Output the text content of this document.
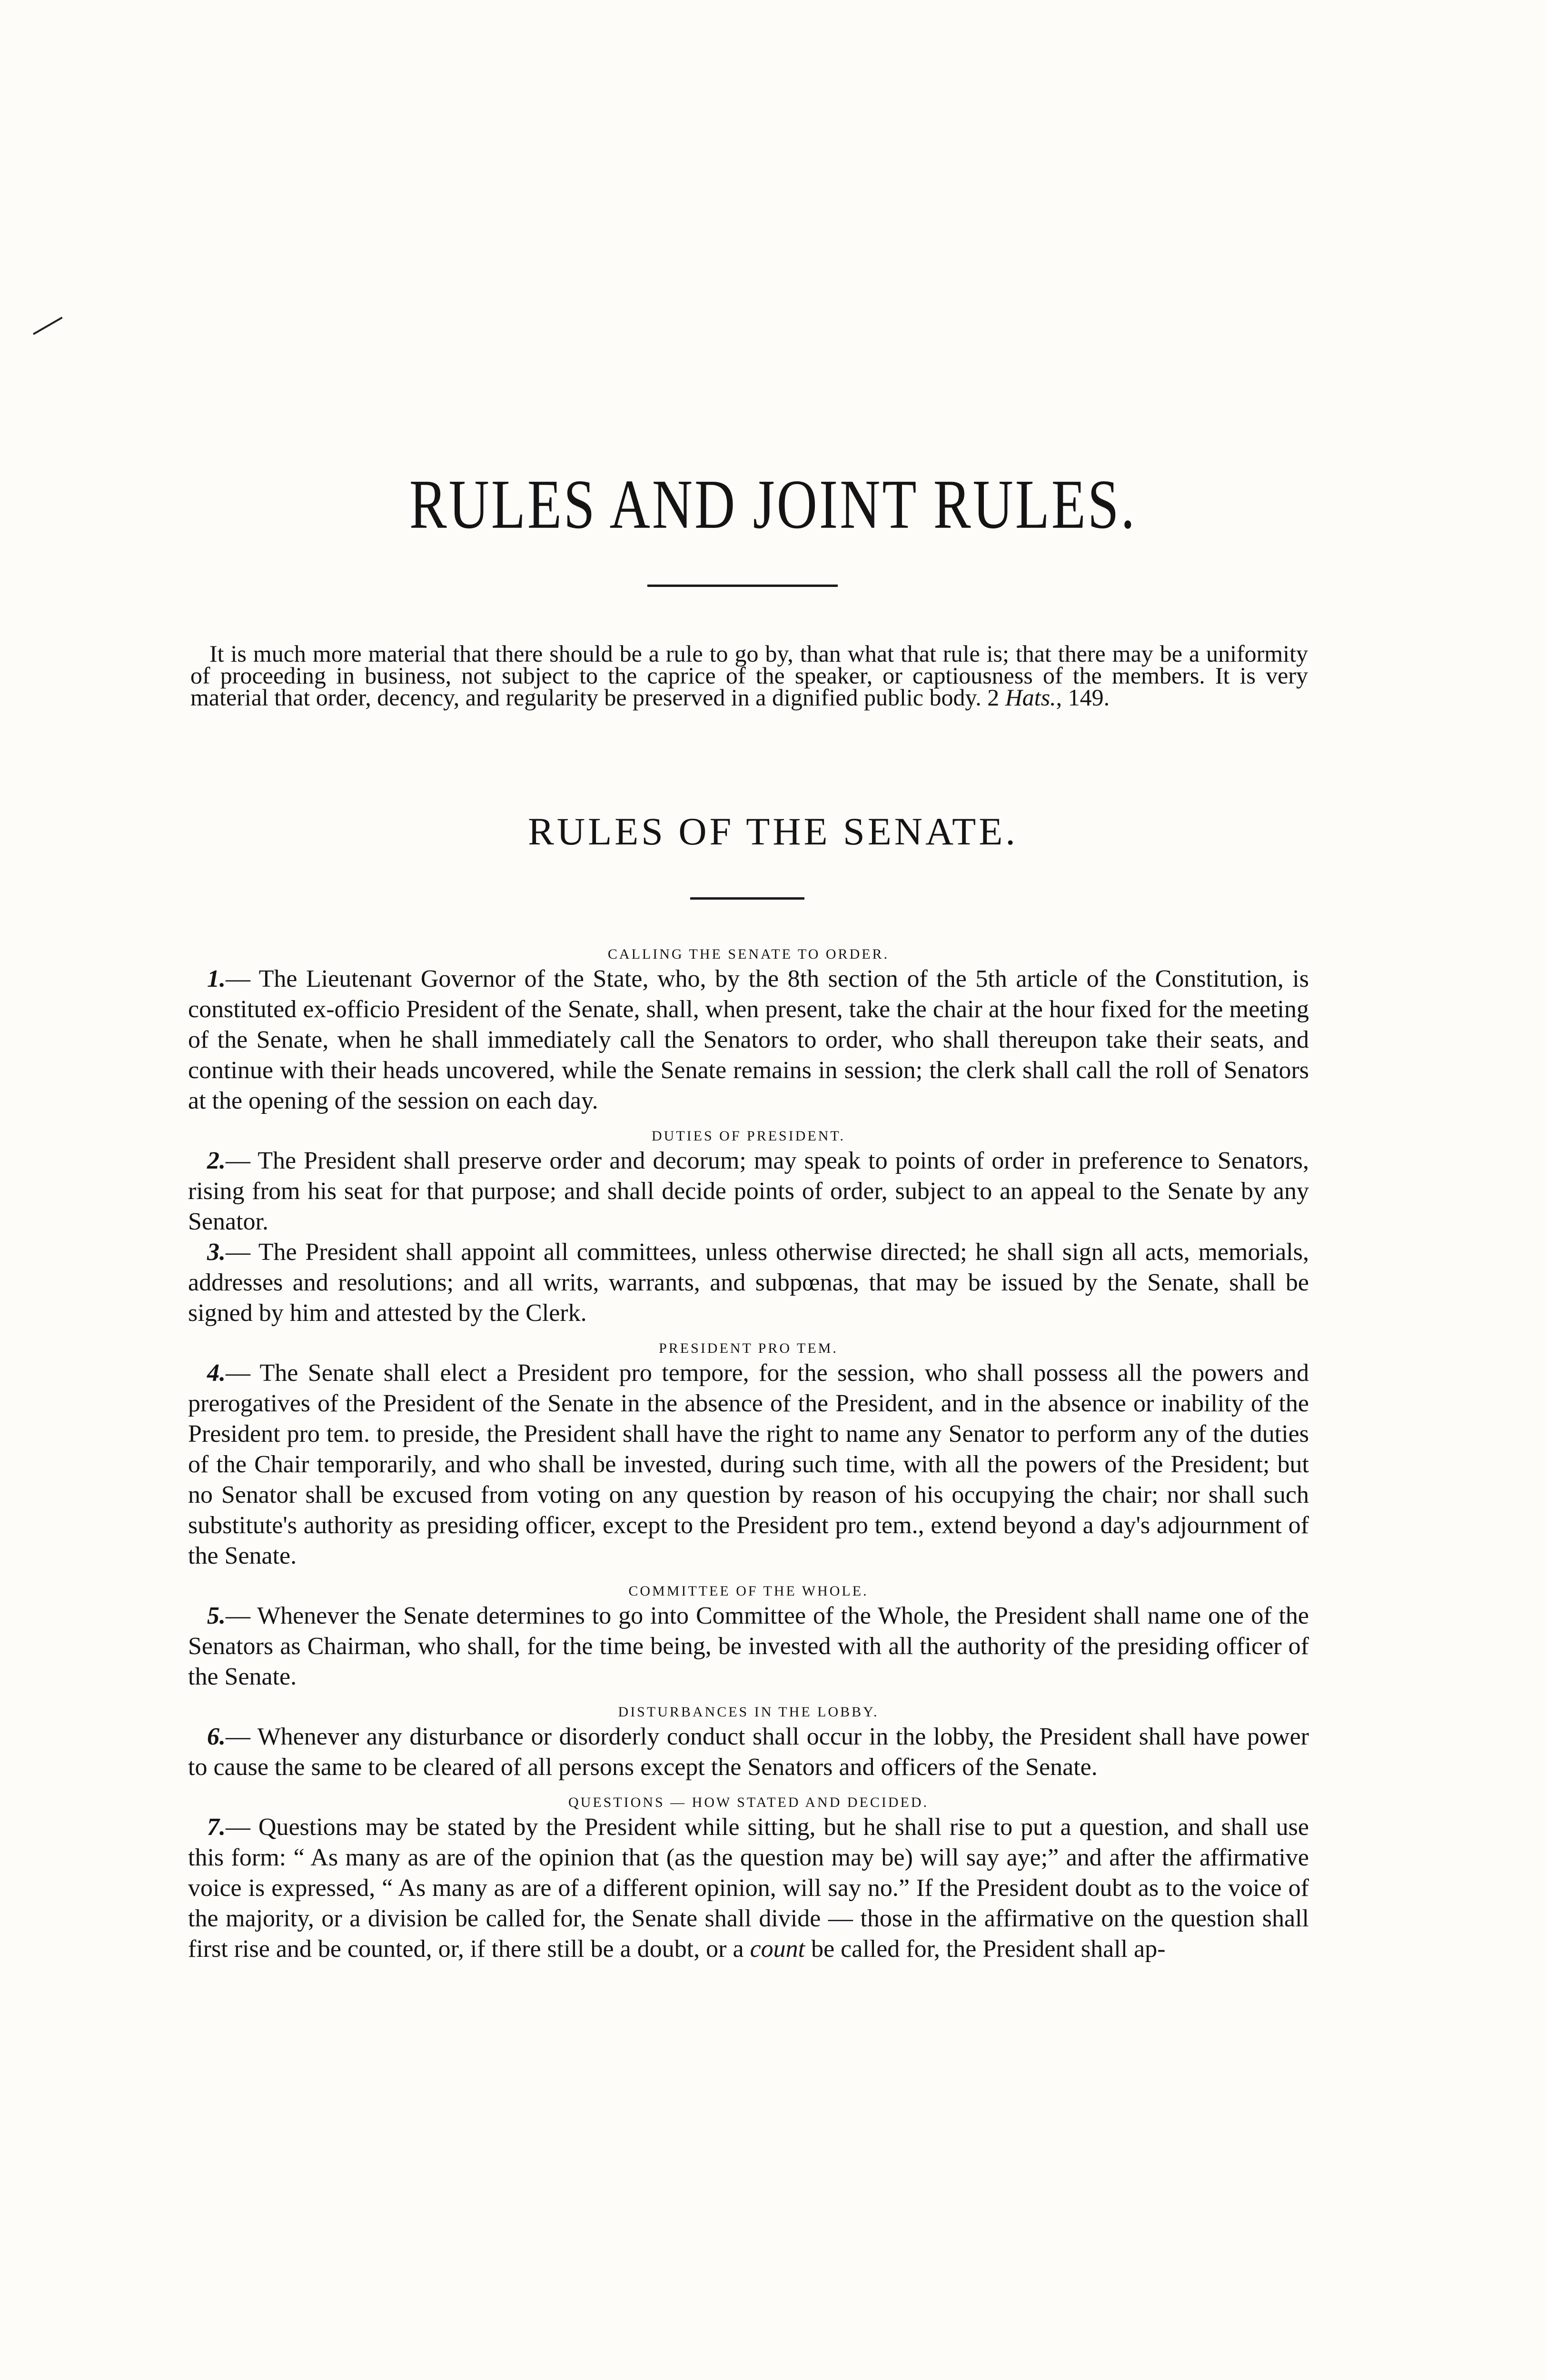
RULES AND JOINT RULES.

It is much more material that there should be a rule to go by, than what that rule is; that there may be a uniformity of proceeding in business, not subject to the caprice of the speaker, or captiousness of the members. It is very material that order, decency, and regularity be preserved in a dignified public body. 2 Hats., 149.

RULES OF THE SENATE.
CALLING THE SENATE TO ORDER.

1.— The Lieutenant Governor of the State, who, by the 8th section of the 5th article of the Constitution, is constituted ex-officio President of the Senate, shall, when present, take the chair at the hour fixed for the meeting of the Senate, when he shall immediately call the Senators to order, who shall thereupon take their seats, and continue with their heads uncovered, while the Senate remains in session; the clerk shall call the roll of Senators at the opening of the session on each day.

DUTIES OF PRESIDENT.

2.— The President shall preserve order and decorum; may speak to points of order in preference to Senators, rising from his seat for that purpose; and shall decide points of order, subject to an appeal to the Senate by any Senator.

3.— The President shall appoint all committees, unless otherwise directed; he shall sign all acts, memorials, addresses and resolutions; and all writs, warrants, and subpœnas, that may be issued by the Senate, shall be signed by him and attested by the Clerk.

PRESIDENT PRO TEM.

4.— The Senate shall elect a President pro tempore, for the session, who shall possess all the powers and prerogatives of the President of the Senate in the absence of the President, and in the absence or inability of the President pro tem. to preside, the President shall have the right to name any Senator to perform any of the duties of the Chair temporarily, and who shall be invested, during such time, with all the powers of the President; but no Senator shall be excused from voting on any question by reason of his occupying the chair; nor shall such substitute's authority as presiding officer, except to the President pro tem., extend beyond a day's adjournment of the Senate.

COMMITTEE OF THE WHOLE.

5.— Whenever the Senate determines to go into Committee of the Whole, the President shall name one of the Senators as Chairman, who shall, for the time being, be invested with all the authority of the presiding officer of the Senate.

DISTURBANCES IN THE LOBBY.

6.— Whenever any disturbance or disorderly conduct shall occur in the lobby, the President shall have power to cause the same to be cleared of all persons except the Senators and officers of the Senate.

QUESTIONS — HOW STATED AND DECIDED.

7.— Questions may be stated by the President while sitting, but he shall rise to put a question, and shall use this form: “ As many as are of the opinion that (as the question may be) will say aye;” and after the affirmative voice is expressed, “ As many as are of a different opinion, will say no.” If the President doubt as to the voice of the majority, or a division be called for, the Senate shall divide — those in the affirmative on the question shall first rise and be counted, or, if there still be a doubt, or a count be called for, the President shall ap-
